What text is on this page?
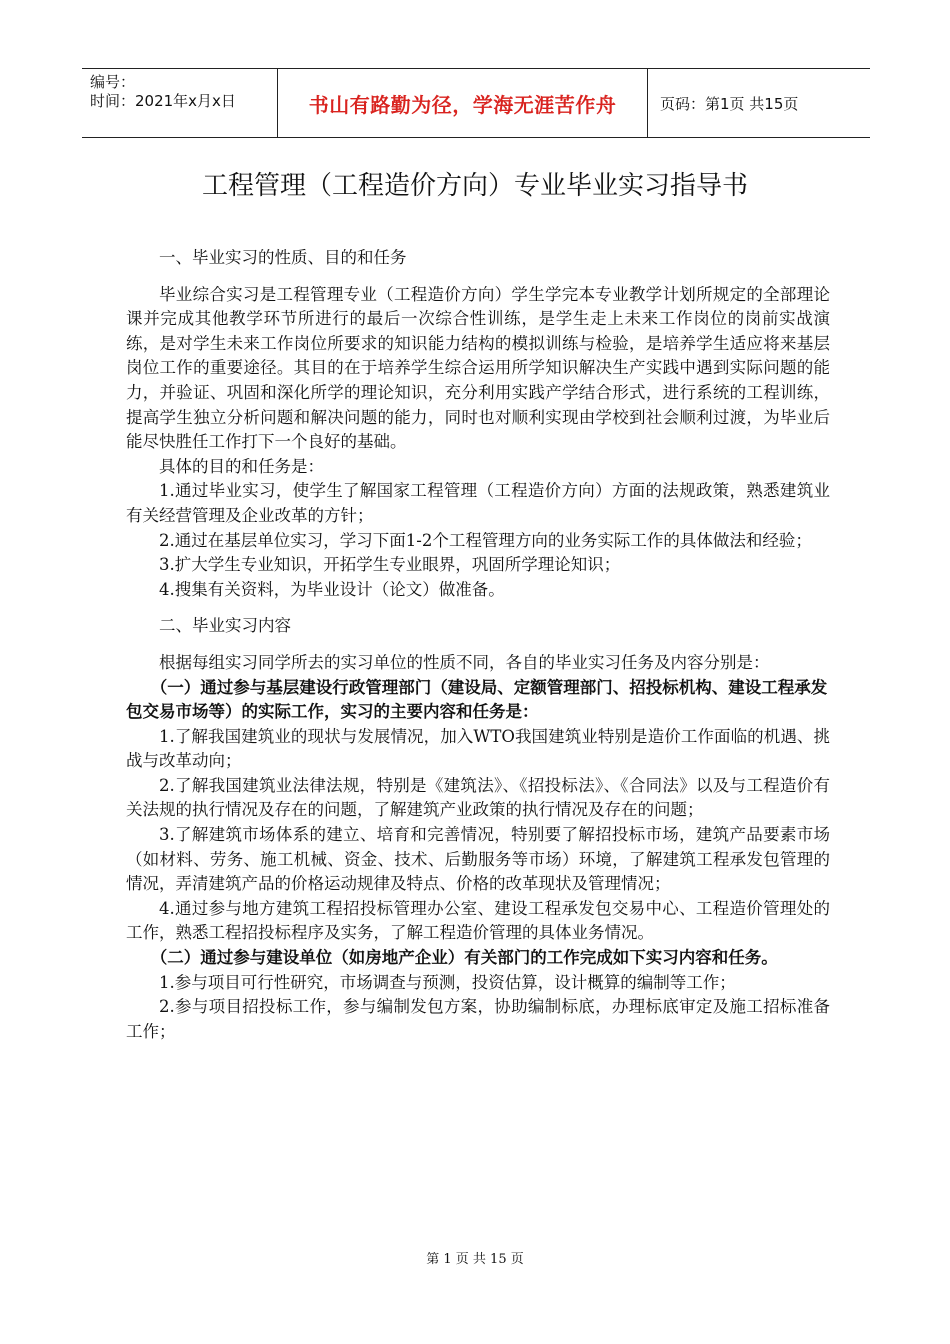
编号：
时间：2021年x月x日	书山有路勤为径，学海无涯苦作舟	页码：第1页 共15页
工程管理（工程造价方向）专业毕业实习指导书
一、毕业实习的性质、目的和任务

毕业综合实习是工程管理专业（工程造价方向）学生学完本专业教学计划所规定的全部理论课并完成其他教学环节所进行的最后一次综合性训练，是学生走上未来工作岗位的岗前实战演练，是对学生未来工作岗位所要求的知识能力结构的模拟训练与检验，是培养学生适应将来基层岗位工作的重要途径。其目的在于培养学生综合运用所学知识解决生产实践中遇到实际问题的能力，并验证、巩固和深化所学的理论知识，充分利用实践产学结合形式，进行系统的工程训练，提高学生独立分析问题和解决问题的能力，同时也对顺利实现由学校到社会顺利过渡，为毕业后能尽快胜任工作打下一个良好的基础。

具体的目的和任务是：

1.通过毕业实习，使学生了解国家工程管理（工程造价方向）方面的法规政策，熟悉建筑业有关经营管理及企业改革的方针；

2.通过在基层单位实习，学习下面1-2个工程管理方向的业务实际工作的具体做法和经验；

3.扩大学生专业知识，开拓学生专业眼界，巩固所学理论知识；

4.搜集有关资料，为毕业设计（论文）做准备。

二、毕业实习内容

根据每组实习同学所去的实习单位的性质不同，各自的毕业实习任务及内容分别是：

（一）通过参与基层建设行政管理部门（建设局、定额管理部门、招投标机构、建设工程承发包交易市场等）的实际工作，实习的主要内容和任务是：

1.了解我国建筑业的现状与发展情况，加入WTO我国建筑业特别是造价工作面临的机遇、挑战与改革动向；

2.了解我国建筑业法律法规，特别是《建筑法》、《招投标法》、《合同法》以及与工程造价有关法规的执行情况及存在的问题，了解建筑产业政策的执行情况及存在的问题；

3.了解建筑市场体系的建立、培育和完善情况，特别要了解招投标市场，建筑产品要素市场（如材料、劳务、施工机械、资金、技术、后勤服务等市场）环境，了解建筑工程承发包管理的情况，弄清建筑产品的价格运动规律及特点、价格的改革现状及管理情况；

4.通过参与地方建筑工程招投标管理办公室、建设工程承发包交易中心、工程造价管理处的工作，熟悉工程招投标程序及实务，了解工程造价管理的具体业务情况。

（二）通过参与建设单位（如房地产企业）有关部门的工作完成如下实习内容和任务。

1.参与项目可行性研究，市场调查与预测，投资估算，设计概算的编制等工作；

2.参与项目招投标工作，参与编制发包方案，协助编制标底，办理标底审定及施工招标准备工作；

第 1 页 共 15 页
